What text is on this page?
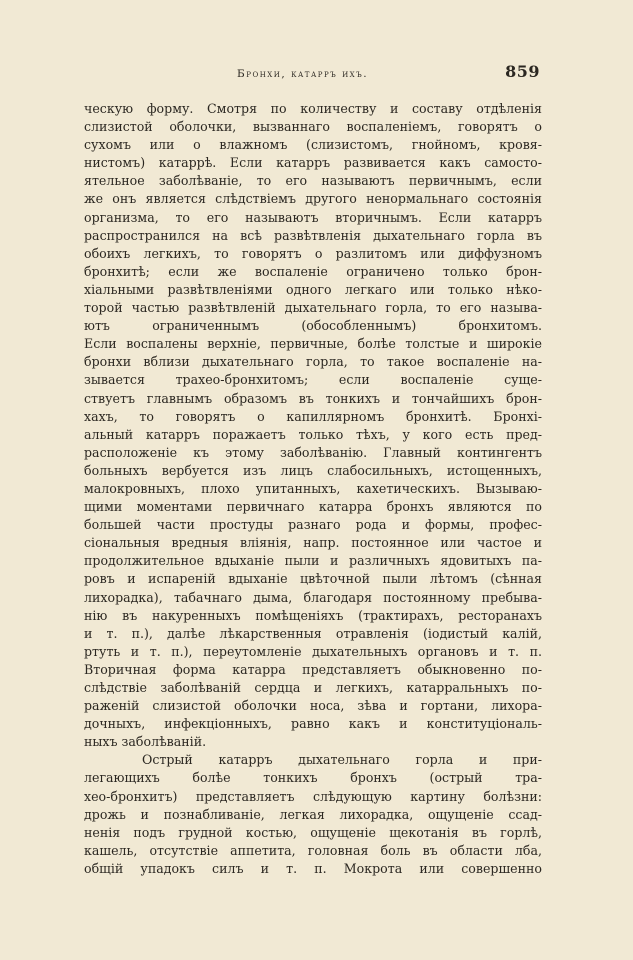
Бронхи, катарръ ихъ.	859
ческую форму. Смотря по количеству и составу отдѣленія
слизистой оболочки, вызваннаго воспаленіемъ, говорятъ о
сухомъ или о влажномъ (слизистомъ, гнойномъ, кровя-
нистомъ) катаррѣ. Если катарръ развивается какъ самосто-
ятельное заболѣваніе, то его называютъ первичнымъ, если
же онъ является слѣдствіемъ другого ненормальнаго состоянія
организма, то его называютъ вторичнымъ. Если катарръ
распространился на всѣ развѣтвленія дыхательнаго горла въ
обоихъ легкихъ, то говорятъ о разлитомъ или диффузномъ
бронхитѣ; если же воспаленіе ограничено только брон-
хіальными развѣтвленіями одного легкаго или только нѣко-
торой частью развѣтвленій дыхательнаго горла, то его называ-
ютъ ограниченнымъ (обособленнымъ) бронхитомъ.
Если воспалены верхніе, первичные, болѣе толстые и широкіе
бронхи вблизи дыхательнаго горла, то такое воспаленіе на-
зывается трахео-бронхитомъ; если воспаленіе суще-
ствуетъ главнымъ образомъ въ тонкихъ и тончайшихъ брон-
хахъ, то говорятъ о капиллярномъ бронхитѣ. Бронхі-
альный катарръ поражаетъ только тѣхъ, у кого есть пред-
расположеніе къ этому заболѣванію. Главный контингентъ
больныхъ вербуется изъ лицъ слабосильныхъ, истощенныхъ,
малокровныхъ, плохо упитанныхъ, кахетическихъ. Вызываю-
щими моментами первичнаго катарра бронхъ являются по
большей части простуды разнаго рода и формы, профес-
сіональныя вредныя вліянія, напр. постоянное или частое и
продолжительное вдыханіе пыли и различныхъ ядовитыхъ па-
ровъ и испареній вдыханіе цвѣточной пыли лѣтомъ (сѣнная
лихорадка), табачнаго дыма, благодаря постоянному пребыва-
нію въ накуренныхъ помѣщеніяхъ (трактирахъ, ресторанахъ
и т. п.), далѣе лѣкарственныя отравленія (іодистый калій,
ртуть и т. п.), переутомленіе дыхательныхъ органовъ и т. п.
Вторичная форма катарра представляетъ обыкновенно по-
слѣдствіе заболѣваній сердца и легкихъ, катарральныхъ по-
раженій слизистой оболочки носа, зѣва и гортани, лихора-
дочныхъ, инфекціонныхъ, равно какъ и конституціональ-
ныхъ заболѣваній.
Острый катарръ дыхательнаго горла и при-
легающихъ болѣе тонкихъ бронхъ (острый тра-
хео-бронхитъ) представляетъ слѣдующую картину болѣзни:
дрожь и познабливаніе, легкая лихорадка, ощущеніе ссад-
ненія подъ грудной костью, ощущеніе щекотанія въ горлѣ,
кашель, отсутствіе аппетита, головная боль въ области лба,
общій упадокъ силъ и т. п. Мокрота или совершенно
